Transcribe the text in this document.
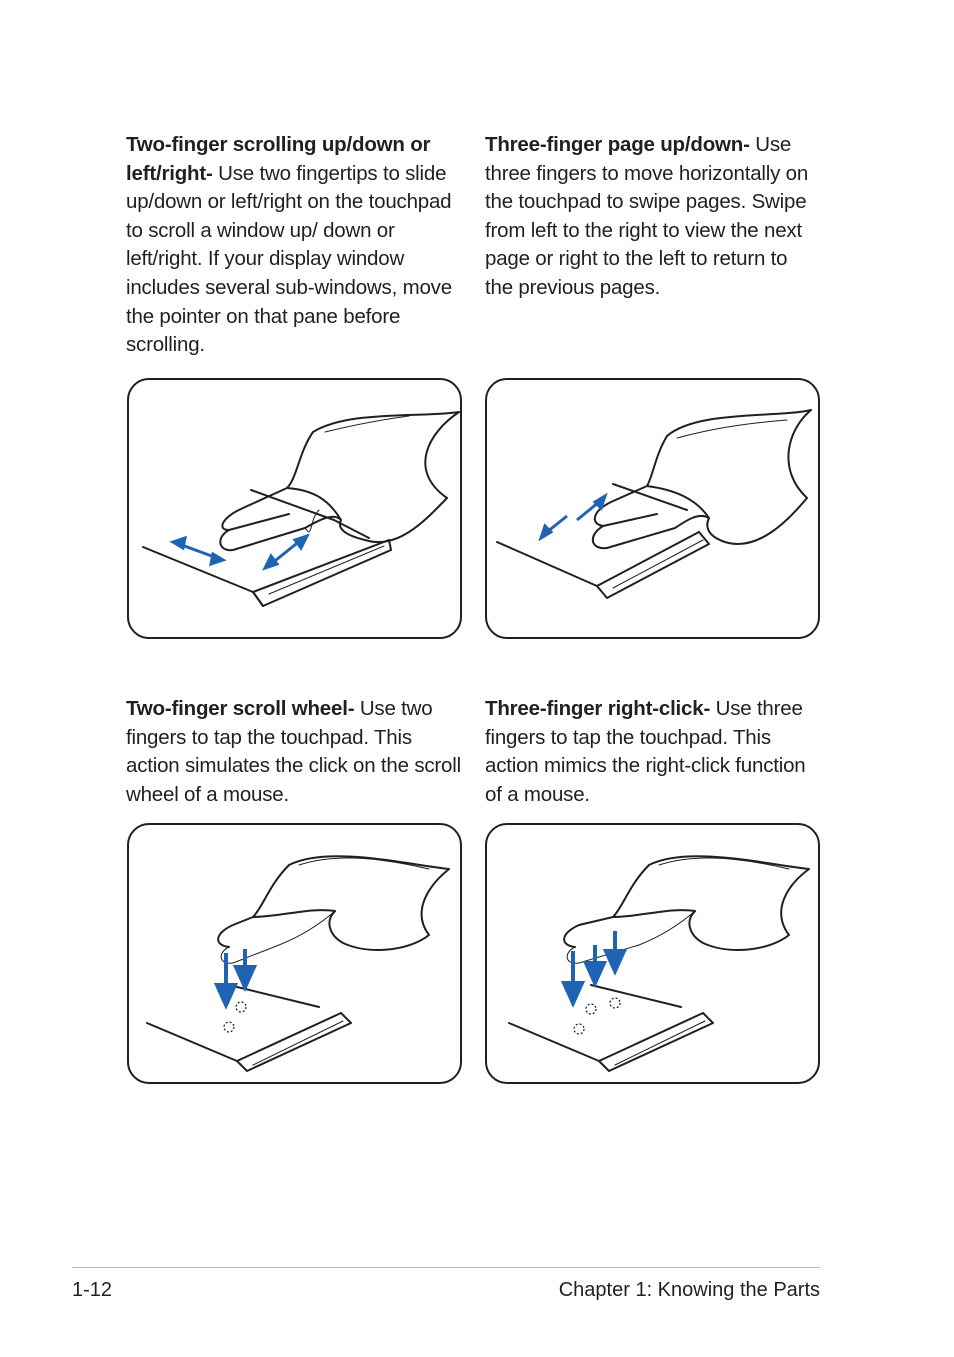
Two-finger scrolling up/down or left/right- Use two fingertips to slide up/down or left/right on the touchpad to scroll a window up/ down or left/right. If your display window includes several sub-windows, move the pointer on that pane before scrolling.

Three-finger page up/down- Use three fingers to move horizontally on the touchpad to swipe pages. Swipe from left to the right to view the next page or right to the left to return to the previous pages.

Two-finger scroll wheel- Use two fingers to tap the touchpad. This action simulates the click on the scroll wheel of a mouse.

Three-finger right-click- Use three fingers to tap the touchpad. This action mimics the right-click function of a mouse.

1-12	Chapter 1: Knowing the Parts
